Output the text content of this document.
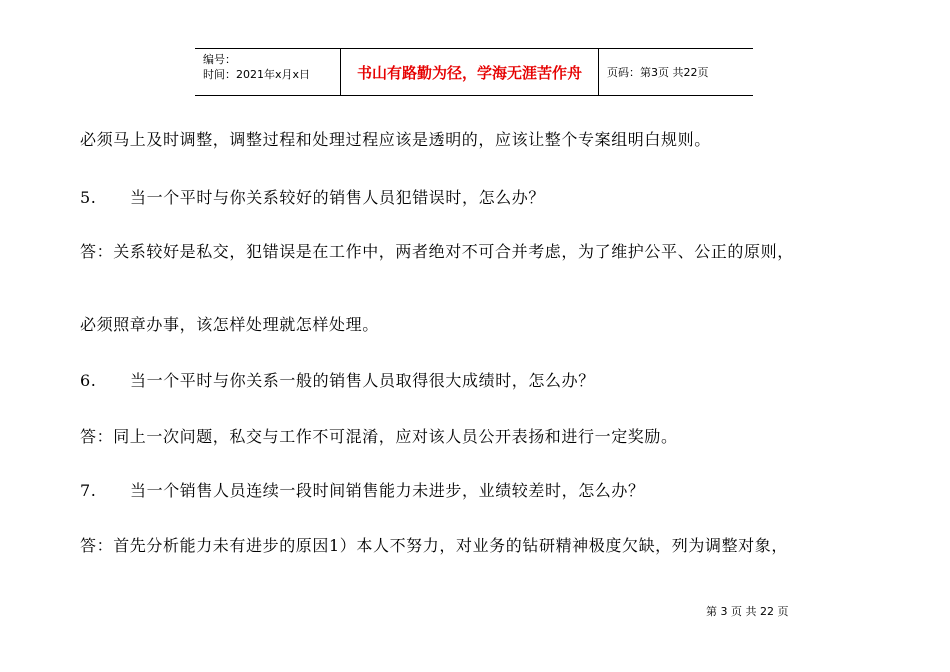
编号：
时间：2021年x月x日	书山有路勤为径，学海无涯苦作舟	页码：第3页 共22页
必须马上及时调整，调整过程和处理过程应该是透明的，应该让整个专案组明白规则。
5. 当一个平时与你关系较好的销售人员犯错误时，怎么办？
答：关系较好是私交，犯错误是在工作中，两者绝对不可合并考虑，为了维护公平、公正的原则，
必须照章办事，该怎样处理就怎样处理。
6. 当一个平时与你关系一般的销售人员取得很大成绩时，怎么办？
答：同上一次问题，私交与工作不可混淆，应对该人员公开表扬和进行一定奖励。
7. 当一个销售人员连续一段时间销售能力未进步，业绩较差时，怎么办？
答：首先分析能力未有进步的原因1）本人不努力，对业务的钻研精神极度欠缺，列为调整对象，
第 3 页 共 22 页
